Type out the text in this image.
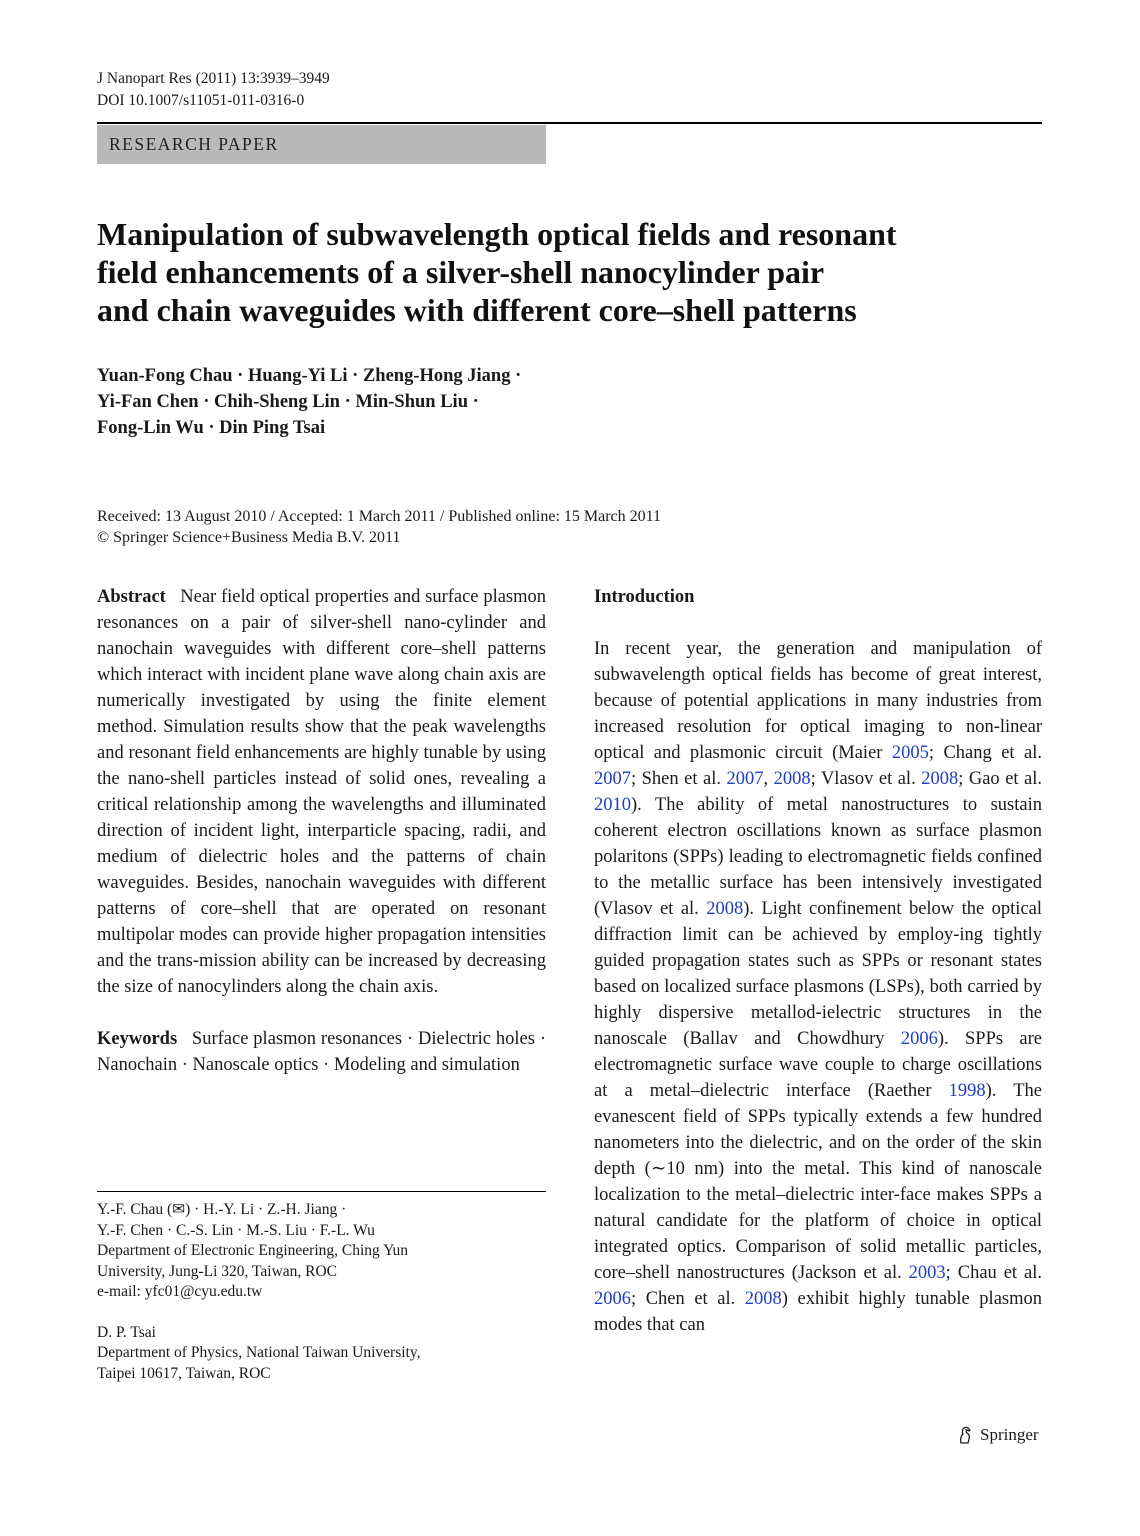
J Nanopart Res (2011) 13:3939–3949
DOI 10.1007/s11051-011-0316-0
RESEARCH PAPER
Manipulation of subwavelength optical fields and resonant
field enhancements of a silver-shell nanocylinder pair
and chain waveguides with different core–shell patterns
Yuan-Fong Chau · Huang-Yi Li · Zheng-Hong Jiang ·
Yi-Fan Chen · Chih-Sheng Lin · Min-Shun Liu ·
Fong-Lin Wu · Din Ping Tsai
Received: 13 August 2010 / Accepted: 1 March 2011 / Published online: 15 March 2011
© Springer Science+Business Media B.V. 2011

Abstract Near field optical properties and surface plasmon resonances on a pair of silver-shell nano-cylinder and nanochain waveguides with different core–shell patterns which interact with incident plane wave along chain axis are numerically investigated by using the finite element method. Simulation results show that the peak wavelengths and resonant field enhancements are highly tunable by using the nano-shell particles instead of solid ones, revealing a critical relationship among the wavelengths and illuminated direction of incident light, interparticle spacing, radii, and medium of dielectric holes and the patterns of chain waveguides. Besides, nanochain waveguides with different patterns of core–shell that are operated on resonant multipolar modes can provide higher propagation intensities and the trans-mission ability can be increased by decreasing the size of nanocylinders along the chain axis.

Keywords Surface plasmon resonances · Dielectric holes · Nanochain · Nanoscale optics · Modeling and simulation

Y.-F. Chau (✉) · H.-Y. Li · Z.-H. Jiang ·
Y.-F. Chen · C.-S. Lin · M.-S. Liu · F.-L. Wu
Department of Electronic Engineering, Ching Yun
University, Jung-Li 320, Taiwan, ROC
e-mail: yfc01@cyu.edu.tw
D. P. Tsai
Department of Physics, National Taiwan University,
Taipei 10617, Taiwan, ROC
Introduction

In recent year, the generation and manipulation of subwavelength optical fields has become of great interest, because of potential applications in many industries from increased resolution for optical imaging to non-linear optical and plasmonic circuit (Maier 2005; Chang et al. 2007; Shen et al. 2007, 2008; Vlasov et al. 2008; Gao et al. 2010). The ability of metal nanostructures to sustain coherent electron oscillations known as surface plasmon polaritons (SPPs) leading to electromagnetic fields confined to the metallic surface has been intensively investigated (Vlasov et al. 2008). Light confinement below the optical diffraction limit can be achieved by employ-ing tightly guided propagation states such as SPPs or resonant states based on localized surface plasmons (LSPs), both carried by highly dispersive metallod-ielectric structures in the nanoscale (Ballav and Chowdhury 2006). SPPs are electromagnetic surface wave couple to charge oscillations at a metal–dielectric interface (Raether 1998). The evanescent field of SPPs typically extends a few hundred nanometers into the dielectric, and on the order of the skin depth (∼10 nm) into the metal. This kind of nanoscale localization to the metal–dielectric inter-face makes SPPs a natural candidate for the platform of choice in optical integrated optics. Comparison of solid metallic particles, core–shell nanostructures (Jackson et al. 2003; Chau et al. 2006; Chen et al. 2008) exhibit highly tunable plasmon modes that can

Springer
